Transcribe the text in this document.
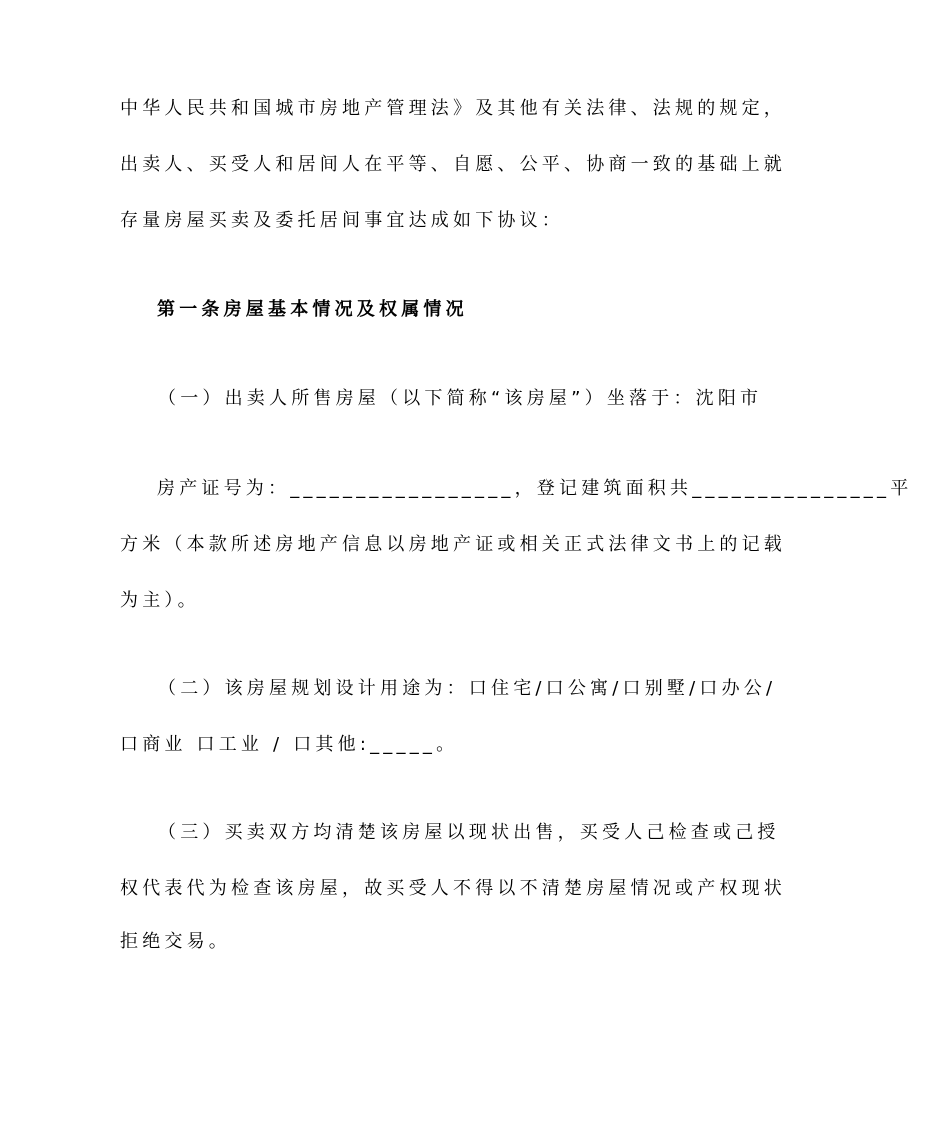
中华人民共和国城市房地产管理法》及其他有关法律、法规的规定，
出卖人、买受人和居间人在平等、自愿、公平、协商一致的基础上就
存量房屋买卖及委托居间事宜达成如下协议：
第一条房屋基本情况及权属情况
（一）出卖人所售房屋（以下简称“该房屋”）坐落于：沈阳市
房产证号为：_________________，登记建筑面积共_______________平
方米（本款所述房地产信息以房地产证或相关正式法律文书上的记载
为主）。
（二）该房屋规划设计用途为：口住宅/口公寓/口别墅/口办公/
口商业 口工业 / 口其他:_____。
（三）买卖双方均清楚该房屋以现状出售，买受人己检查或己授
权代表代为检查该房屋，故买受人不得以不清楚房屋情况或产权现状
拒绝交易。
